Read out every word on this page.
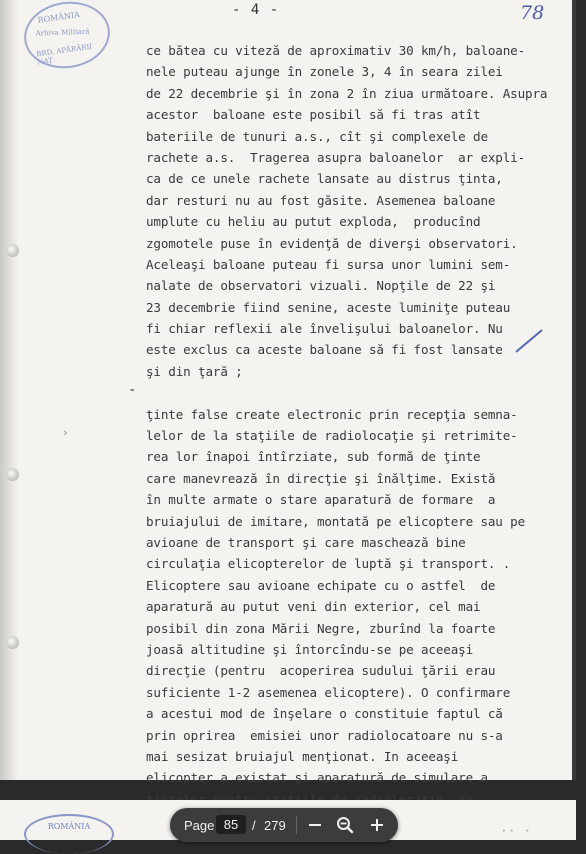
ROMÂNIA
Arhiva Militară
BRD. APĂRĂRII NAȚ.
- 4 -	78
-
›
ce bătea cu viteză de aproximativ 30 km/h, baloane-
nele puteau ajunge în zonele 3, 4 în seara zilei
de 22 decembrie şi în zona 2 în ziua următoare. Asupra
acestor  baloane este posibil să fi tras atît
bateriile de tunuri a.s., cît şi complexele de
rachete a.s.  Tragerea asupra baloanelor  ar expli-
ca de ce unele rachete lansate au distrus ţinta,
dar resturi nu au fost găsite. Asemenea baloane
umplute cu heliu au putut exploda,  producînd
zgomotele puse în evidenţă de diverşi observatori.
Aceleaşi baloane puteau fi sursa unor lumini sem-
nalate de observatori vizuali. Nopţile de 22 şi
23 decembrie fiind senine, aceste luminiţe puteau
fi chiar reflexii ale învelişului baloanelor. Nu
este exclus ca aceste baloane să fi fost lansate
şi din ţară ;
ţinte false create electronic prin recepţia semna-
lelor de la staţiile de radiolocaţie şi retrimite-
rea lor înapoi întîrziate, sub formă de ţinte
care manevrează în direcţie şi înălţime. Există
în multe armate o stare aparatură de formare  a
bruiajului de imitare, montată pe elicoptere sau pe
avioane de transport şi care maschează bine
circulaţia elicopterelor de luptă şi transport. .
Elicoptere sau avioane echipate cu o astfel  de
aparatură au putut veni din exterior, cel mai
posibil din zona Mării Negre, zburînd la foarte
joasă altitudine şi întorcîndu-se pe aceeaşi
direcţie (pentru  acoperirea sudului ţării erau
suficiente 1-2 asemenea elicoptere). O confirmare
a acestui mod de înşelare o constituie faptul că
prin oprirea  emisiei unor radiolocatoare nu s-a
mai sesizat bruiajul menţionat. In aceeaşi
elicopter a existat şi aparatură de simulare a
ROMÂNIA	·· ·
Page
85	/ 279
